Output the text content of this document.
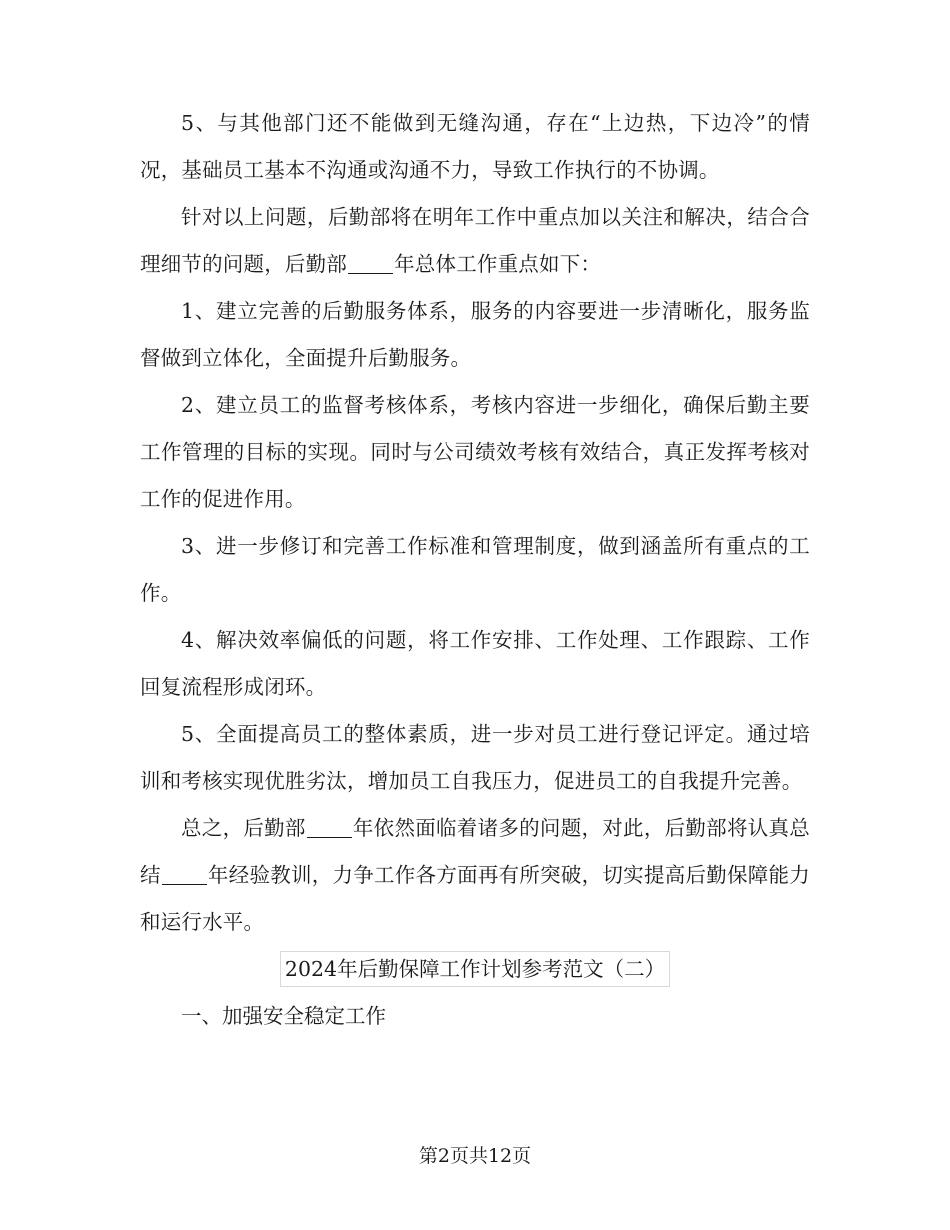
5、与其他部门还不能做到无缝沟通，存在“上边热，下边冷”的情况，基础员工基本不沟通或沟通不力，导致工作执行的不协调。

针对以上问题，后勤部将在明年工作中重点加以关注和解决，结合合理细节的问题，后勤部 年总体工作重点如下：

1、建立完善的后勤服务体系，服务的内容要进一步清晰化，服务监督做到立体化，全面提升后勤服务。

2、建立员工的监督考核体系，考核内容进一步细化，确保后勤主要工作管理的目标的实现。同时与公司绩效考核有效结合，真正发挥考核对工作的促进作用。

3、进一步修订和完善工作标准和管理制度，做到涵盖所有重点的工作。

4、解决效率偏低的问题，将工作安排、工作处理、工作跟踪、工作回复流程形成闭环。

5、全面提高员工的整体素质，进一步对员工进行登记评定。通过培训和考核实现优胜劣汰，增加员工自我压力，促进员工的自我提升完善。

总之，后勤部 年依然面临着诸多的问题，对此，后勤部将认真总结 年经验教训，力争工作各方面再有所突破，切实提高后勤保障能力和运行水平。

2024年后勤保障工作计划参考范文（二）

一、加强安全稳定工作

第2页共12页
